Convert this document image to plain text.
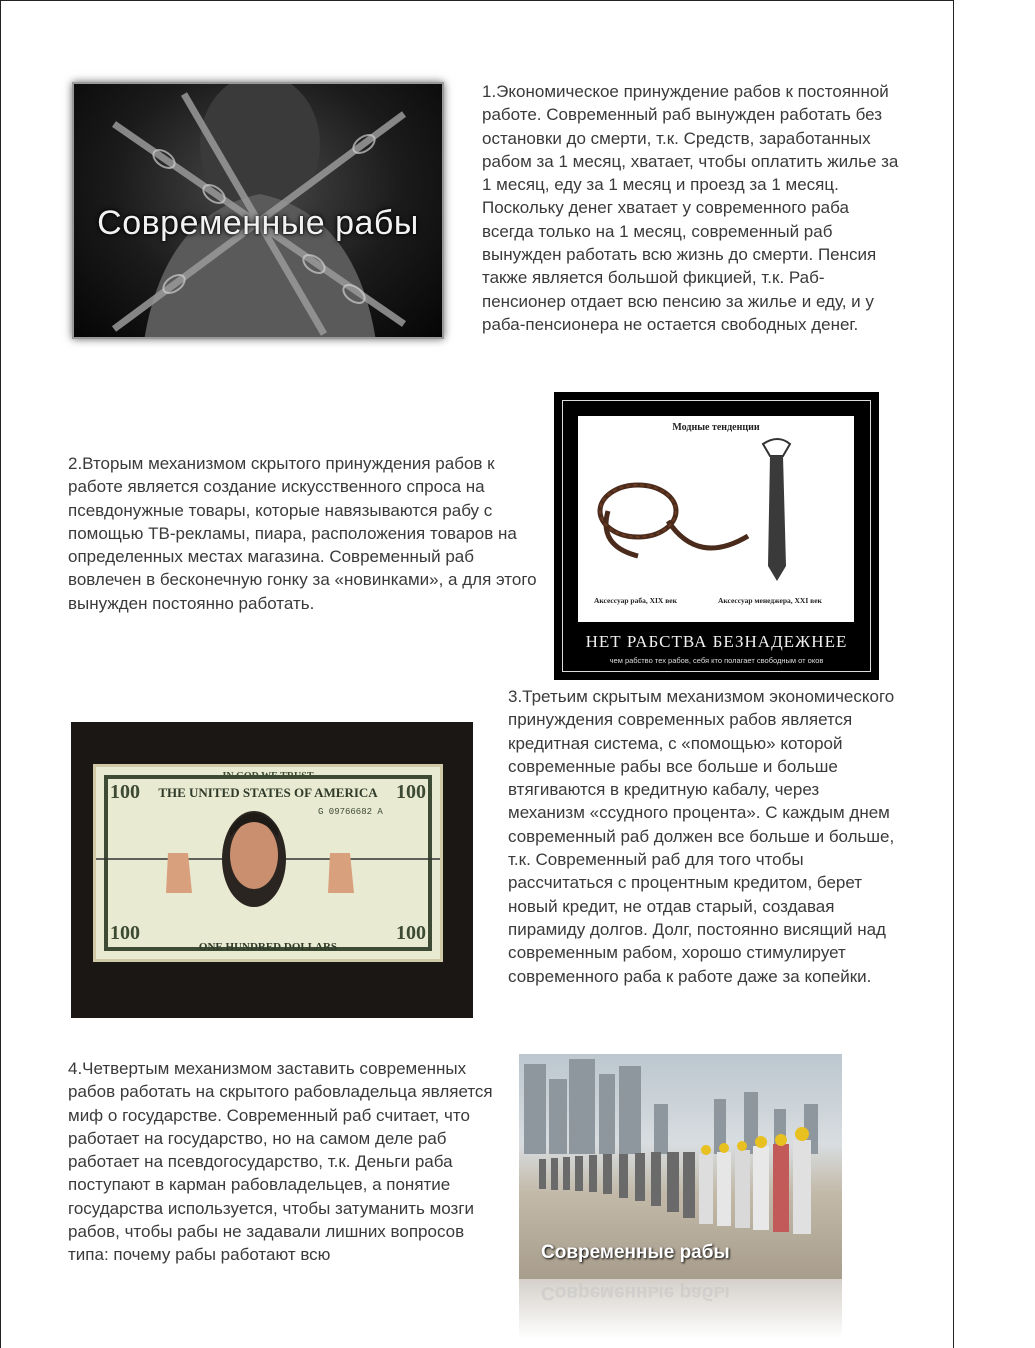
Современные рабы

1.Экономическое принуждение рабов к постоянной работе. Современный раб вынужден работать без остановки до смерти, т.к. Средств, заработанных рабом за 1 месяц, хватает, чтобы оплатить жилье за 1 месяц, еду за 1 месяц и проезд за 1 месяц. Поскольку денег хватает у современного раба всегда только на 1 месяц, современный раб вынужден работать всю жизнь до смерти. Пенсия также является большой фикцией, т.к. Раб-пенсионер отдает всю пенсию за жилье и еду, и у раба-пенсионера не остается свободных денег.

2.Вторым механизмом скрытого принуждения рабов к работе является создание искусственного спроса на псевдонужные товары, которые навязываются рабу с помощью ТВ-рекламы, пиара, расположения товаров на определенных местах магазина. Современный раб вовлечен в бесконечную гонку за «новинками», а для этого вынужден постоянно работать.

Модные тенденции
Аксессуар раба, XIX век	Аксессуар менеджера, XXI век
НЕТ РАБСТВА БЕЗНАДЕЖНЕЕ
чем рабство тех рабов, себя кто полагает свободным от оков
IN GOD WE TRUST
THE UNITED STATES OF AMERICA
100	100
100	100
G 09766682 A
ONE HUNDRED DOLLARS

3.Третьим скрытым механизмом экономического принуждения современных рабов является кредитная система, с «помощью» которой современные рабы все больше и больше втягиваются в кредитную кабалу, через механизм «ссудного процента». С каждым днем современный раб должен все больше и больше, т.к. Современный раб для того чтобы рассчитаться с процентным кредитом, берет новый кредит, не отдав старый, создавая пирамиду долгов. Долг, постоянно висящий над современным рабом, хорошо стимулирует современного раба к работе даже за копейки.

4.Четвертым механизмом заставить современных рабов работать на скрытого рабовладельца является миф о государстве. Современный раб считает, что работает на государство, но на самом деле раб работает на псевдогосударство, т.к. Деньги раба поступают в карман рабовладельцев, а понятие государства используется, чтобы затуманить мозги рабов, чтобы рабы не задавали лишних вопросов типа: почему рабы работают всю	Современные рабы
Современные рабы
